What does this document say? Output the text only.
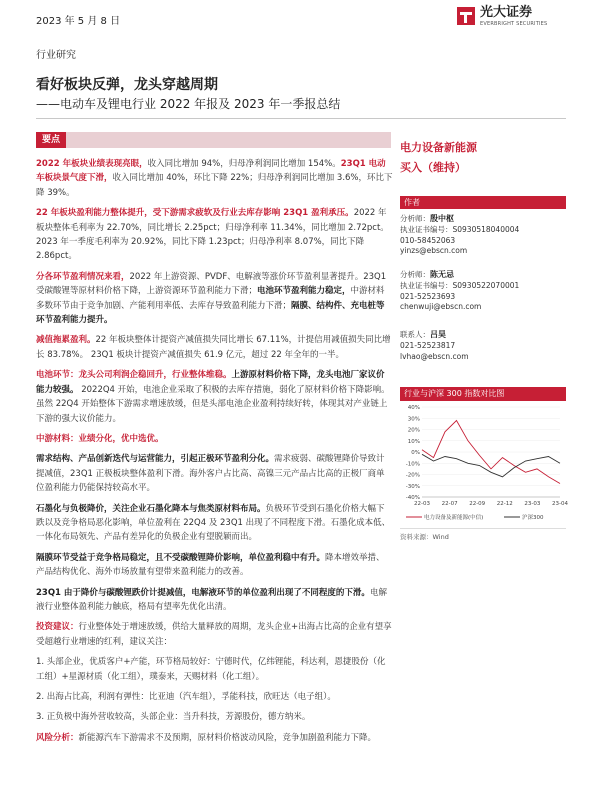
2023 年 5 月 8 日
光大证券
EVERBRIGHT SECURITIES
行业研究
看好板块反弹，龙头穿越周期
——电动车及锂电行业 2022 年报及 2023 年一季报总结
要点

2022 年板块业绩表现亮眼，收入同比增加 94%，归母净利润同比增加 154%。23Q1 电动车板块景气度下滑，收入同比增加 40%，环比下降 22%；归母净利润同比增加 3.6%，环比下降 39%。

22 年板块盈利能力整体提升，受下游需求疲软及行业去库存影响 23Q1 盈利承压。2022 年板块整体毛利率为 22.70%，同比增长 2.25pct；归母净利率 11.34%，同比增加 2.72pct。2023 年一季度毛利率为 20.92%，同比下降 1.23pct；归母净利率 8.07%，同比下降 2.86pct。

分各环节盈利情况来看，2022 年上游资源、PVDF、电解液等涨价环节盈利显著提升。23Q1 受碳酸锂等原材料价格下降，上游资源环节盈利能力下滑；电池环节盈利能力稳定，中游材料多数环节由于竞争加剧、产能利用率低、去库存导致盈利能力下滑；隔膜、结构件、充电桩等环节盈利能力提升。

减值拖累盈利。22 年板块整体计提资产减值损失同比增长 67.11%，计提信用减值损失同比增长 83.78%。 23Q1 板块计提资产减值损失 61.9 亿元，超过 22 年全年的一半。

电池环节：龙头公司利润企稳回升，行业整体维稳。上游原材料价格下降，龙头电池厂家议价能力较强。 2022Q4 开始，电池企业采取了积极的去库存措施，弱化了原材料价格下降影响。虽然 22Q4 开始整体下游需求增速放缓，但是头部电池企业盈利持续好转，体现其对产业链上下游的强大议价能力。

中游材料：业绩分化，优中选优。

需求结构、产品创新迭代与运营能力，引起正极环节盈利分化。需求疲弱、碳酸锂降价导致计提减值，23Q1 正极板块整体盈利下滑。海外客户占比高、高镍三元产品占比高的正极厂商单位盈利能力仍能保持较高水平。

石墨化与负极降价，关注企业石墨化降本与焦类原材料布局。负极环节受到石墨化价格大幅下跌以及竞争格局恶化影响，单位盈利在 22Q4 及 23Q1 出现了不同程度下滑。石墨化成本低、一体化布局领先、产品有差异化的负极企业有望脱颖而出。

隔膜环节受益于竞争格局稳定，且不受碳酸锂降价影响，单位盈利稳中有升。降本增效举措、产品结构优化、海外市场放量有望带来盈利能力的改善。

23Q1 由于降价与碳酸锂跌价计提减值，电解液环节的单位盈利出现了不同程度的下滑。电解液行业整体盈利能力触底，格局有望率先优化出清。

投资建议：行业整体处于增速放缓，供给大量释放的周期，龙头企业+出海占比高的企业有望享受超越行业增速的红利，建议关注：

1. 头部企业，优质客户+产能，环节格局较好：宁德时代，亿纬锂能，科达利，恩捷股份（化工组）+星源材质（化工组），璞泰来，天赐材料（化工组）。

2. 出海占比高，利润有弹性：比亚迪（汽车组），孚能科技，欣旺达（电子组）。

3. 正负极中海外营收较高，头部企业：当升科技，芳源股份，德方纳米。

风险分析：新能源汽车下游需求不及预期，原材料价格波动风险，竞争加剧盈利能力下降。

电力设备新能源
买入（维持）
作者
分析师：殷中枢
执业证书编号：S0930518040004
010-58452063
yinzs@ebscn.com
分析师：陈无忌
执业证书编号：S0930522070001
021-52523693
chenwuji@ebscn.com
联系人：吕昊
021-52523817
lvhao@ebscn.com
行业与沪深 300 指数对比图
40%
30%
20%
10%
0%
-10%
-20%
-30%
-40%
22-03 22-07 22-09 22-12 23-03 23-04
电力设备及新能源(中信)	沪深300
资料来源：Wind
